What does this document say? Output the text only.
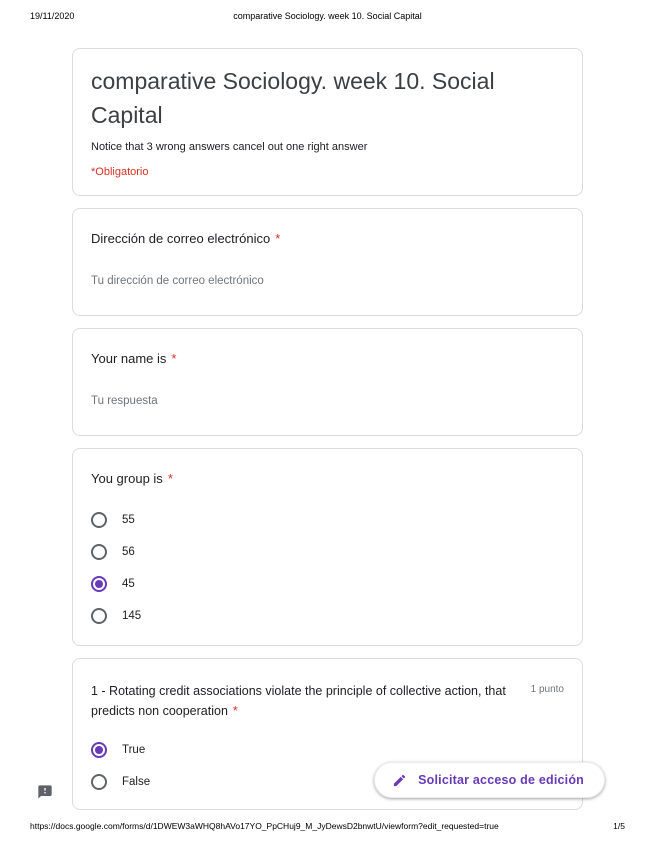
19/11/2020	comparative Sociology. week 10. Social Capital
comparative Sociology. week 10. Social Capital
Notice that 3 wrong answers cancel out one right answer
*Obligatorio
Dirección de correo electrónico *
Tu dirección de correo electrónico
Your name is *
Tu respuesta
You group is *
55
56
45
145
1 - Rotating credit associations violate the principle of collective action, that predicts non cooperation *
1 punto
True
False	Solicitar acceso de edición
https://docs.google.com/forms/d/1DWEW3aWHQ8hAVo17YO_PpCHuj9_M_JyDewsD2bnwtU/viewform?edit_requested=true	1/5
